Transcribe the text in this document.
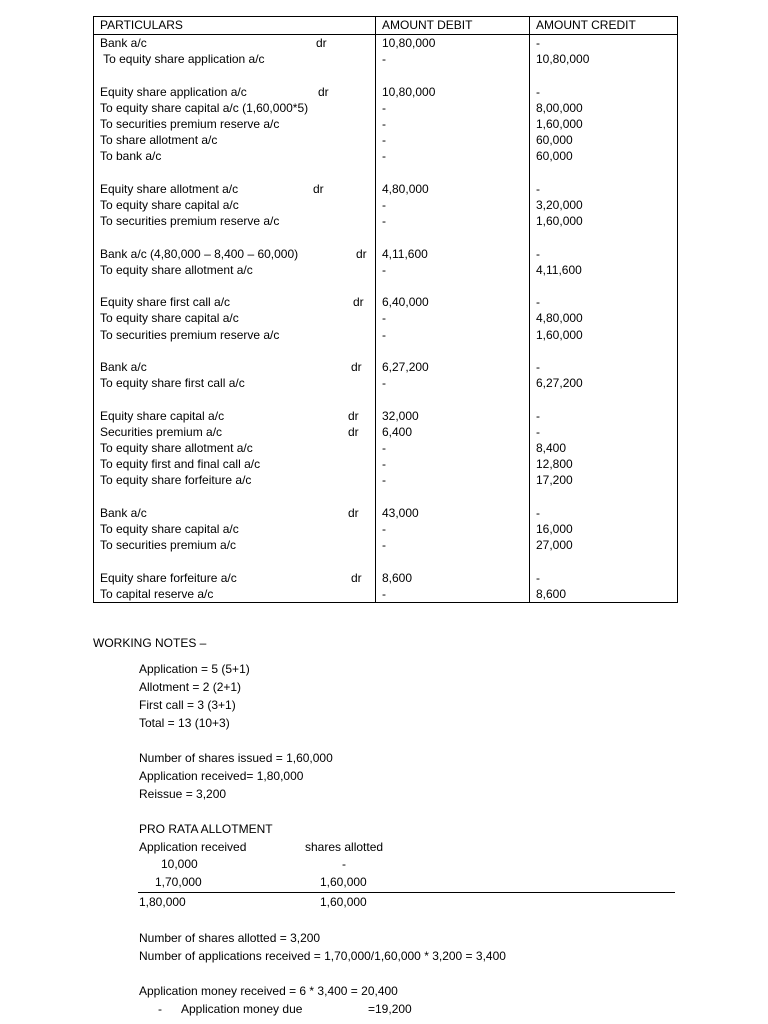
PARTICULARS	AMOUNT DEBIT	AMOUNT CREDIT

Bank a/c dr	10,80,000	-

To equity share application a/c	-	10,80,000

Equity share application a/c dr	10,80,000	-

To equity share capital a/c (1,60,000*5)	-	8,00,000

To securities premium reserve a/c	-	1,60,000

To share allotment a/c	-	60,000

To bank a/c	-	60,000

Equity share allotment a/c dr	4,80,000	-

To equity share capital a/c	-	3,20,000

To securities premium reserve a/c	-	1,60,000

Bank a/c (4,80,000 – 8,400 – 60,000) dr	4,11,600	-

To equity share allotment a/c	-	4,11,600

Equity share first call a/c dr	6,40,000	-

To equity share capital a/c	-	4,80,000

To securities premium reserve a/c	-	1,60,000

Bank a/c dr	6,27,200	-

To equity share first call a/c	-	6,27,200

Equity share capital a/c dr	32,000	-

Securities premium a/c dr	6,400	-

To equity share allotment a/c	-	8,400

To equity first and final call a/c	-	12,800

To equity share forfeiture a/c	-	17,200

Bank a/c dr	43,000	-

To equity share capital a/c	-	16,000

To securities premium a/c	-	27,000

Equity share forfeiture a/c dr	8,600	-

To capital reserve a/c	-	8,600
WORKING NOTES –
Application = 5 (5+1)
Allotment = 2 (2+1)
First call = 3 (3+1)
Total = 13 (10+3)
Number of shares issued = 1,60,000
Application received= 1,80,000
Reissue = 3,200
PRO RATA ALLOTMENT
Application received	shares allotted
10,000	-
1,70,000	1,60,000
1,80,000	1,60,000
Number of shares allotted = 3,200
Number of applications received = 1,70,000/1,60,000 * 3,200 = 3,400
Application money received = 6 * 3,400 = 20,400
- Application money due	=19,200
